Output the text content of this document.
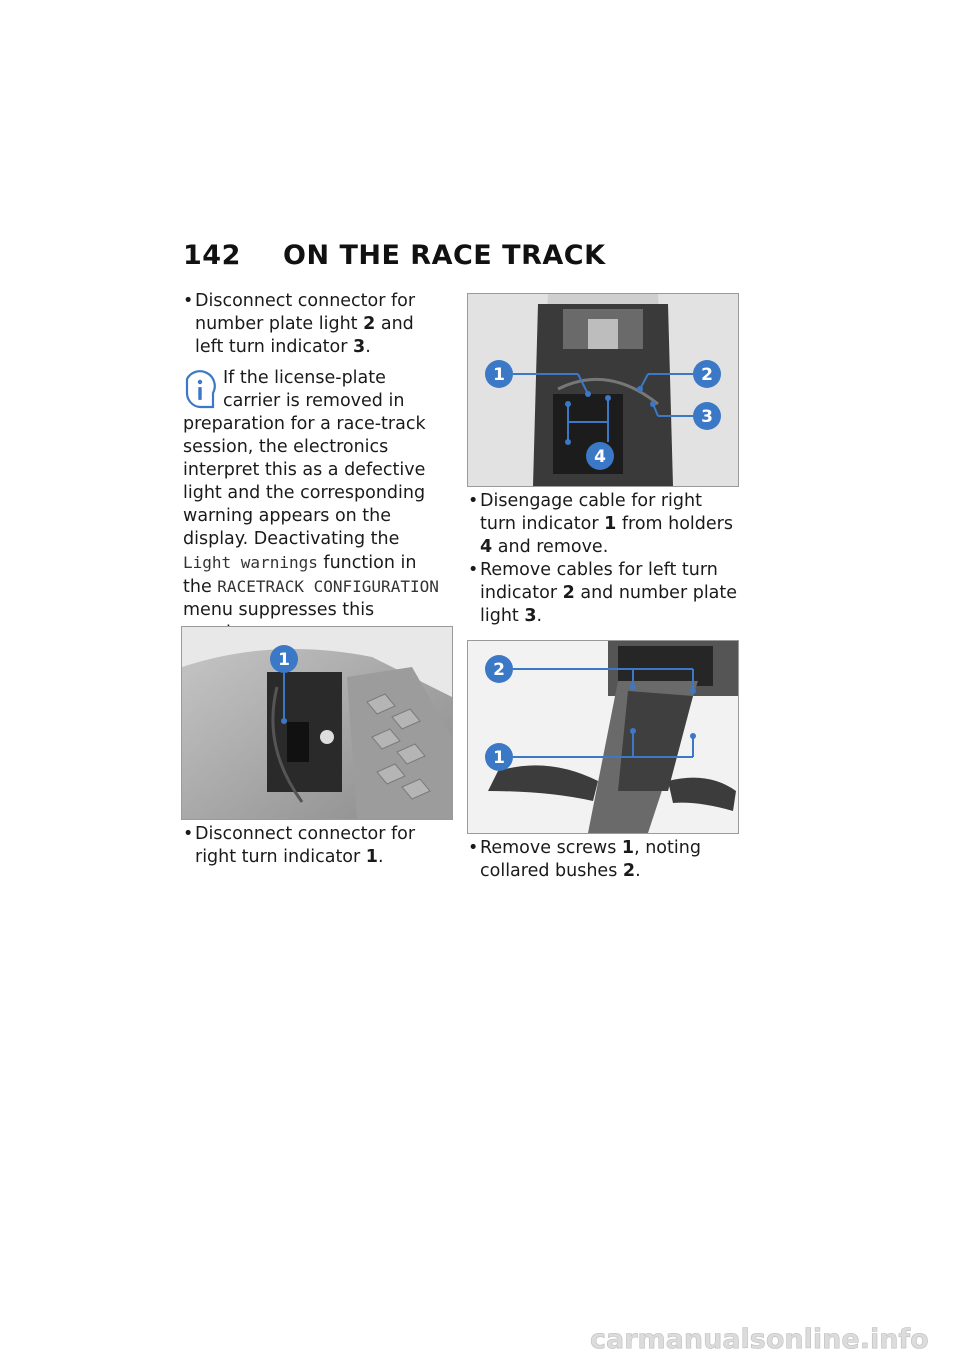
142 ON THE RACE TRACK

• Disconnect connector for number plate light 2 and left turn indicator 3.

If the license-plate carrier is removed in preparation for a race-track session, the electronics interpret this as a defective light and the corresponding warning appears on the display. Deactivating the Light warnings function in the RACETRACK CONFIGURATION menu suppresses this
1

• Disconnect connector for right turn indicator 1.

1	2
3
4

• Disengage cable for right turn indicator 1 from holders 4 and remove.

• Remove cables for left turn indicator 2 and number plate light 3.

2
1

• Remove screws 1, noting collared bushes 2.

carmanualsonline.info
